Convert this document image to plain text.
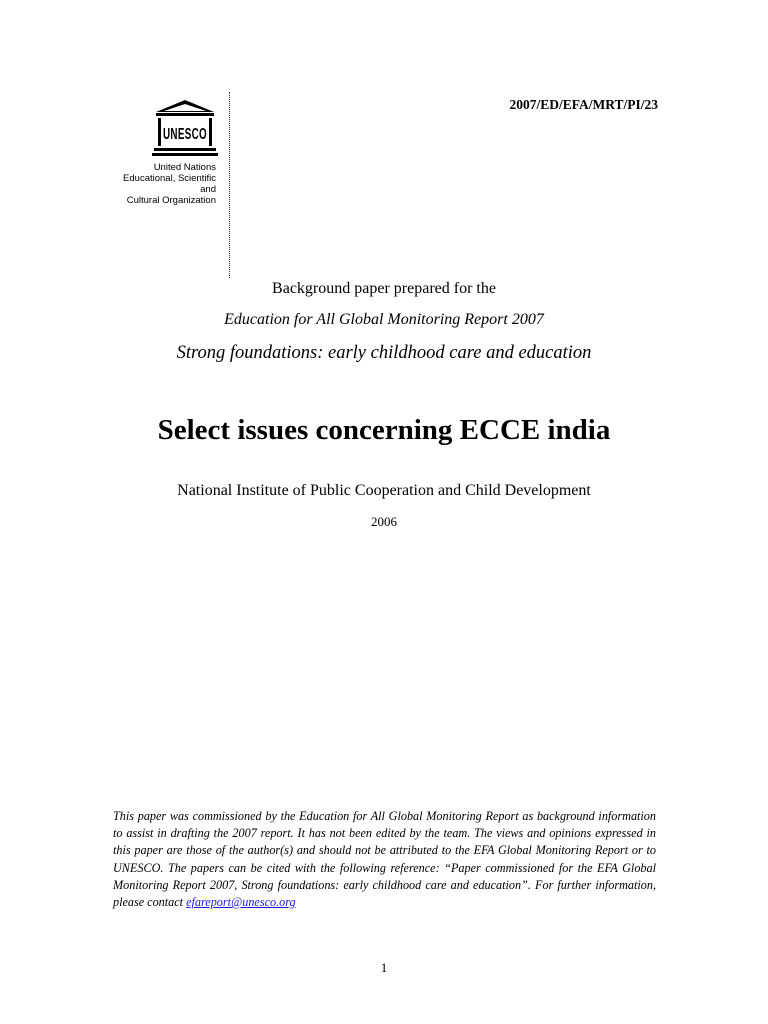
2007/ED/EFA/MRT/PI/23
UNESCO
United Nations
Educational, Scientific and
Cultural Organization
Background paper prepared for the
Education for All Global Monitoring Report 2007
Strong foundations: early childhood care and education
Select issues concerning ECCE india
National Institute of Public Cooperation and Child Development
2006
This paper was commissioned by the Education for All Global Monitoring Report as background information to assist in drafting the 2007 report. It has not been edited by the team. The views and opinions expressed in this paper are those of the author(s) and should not be attributed to the EFA Global Monitoring Report or to UNESCO. The papers can be cited with the following reference: “Paper commissioned for the EFA Global Monitoring Report 2007, Strong foundations: early childhood care and education”. For further information, please contact efareport@unesco.org
1
